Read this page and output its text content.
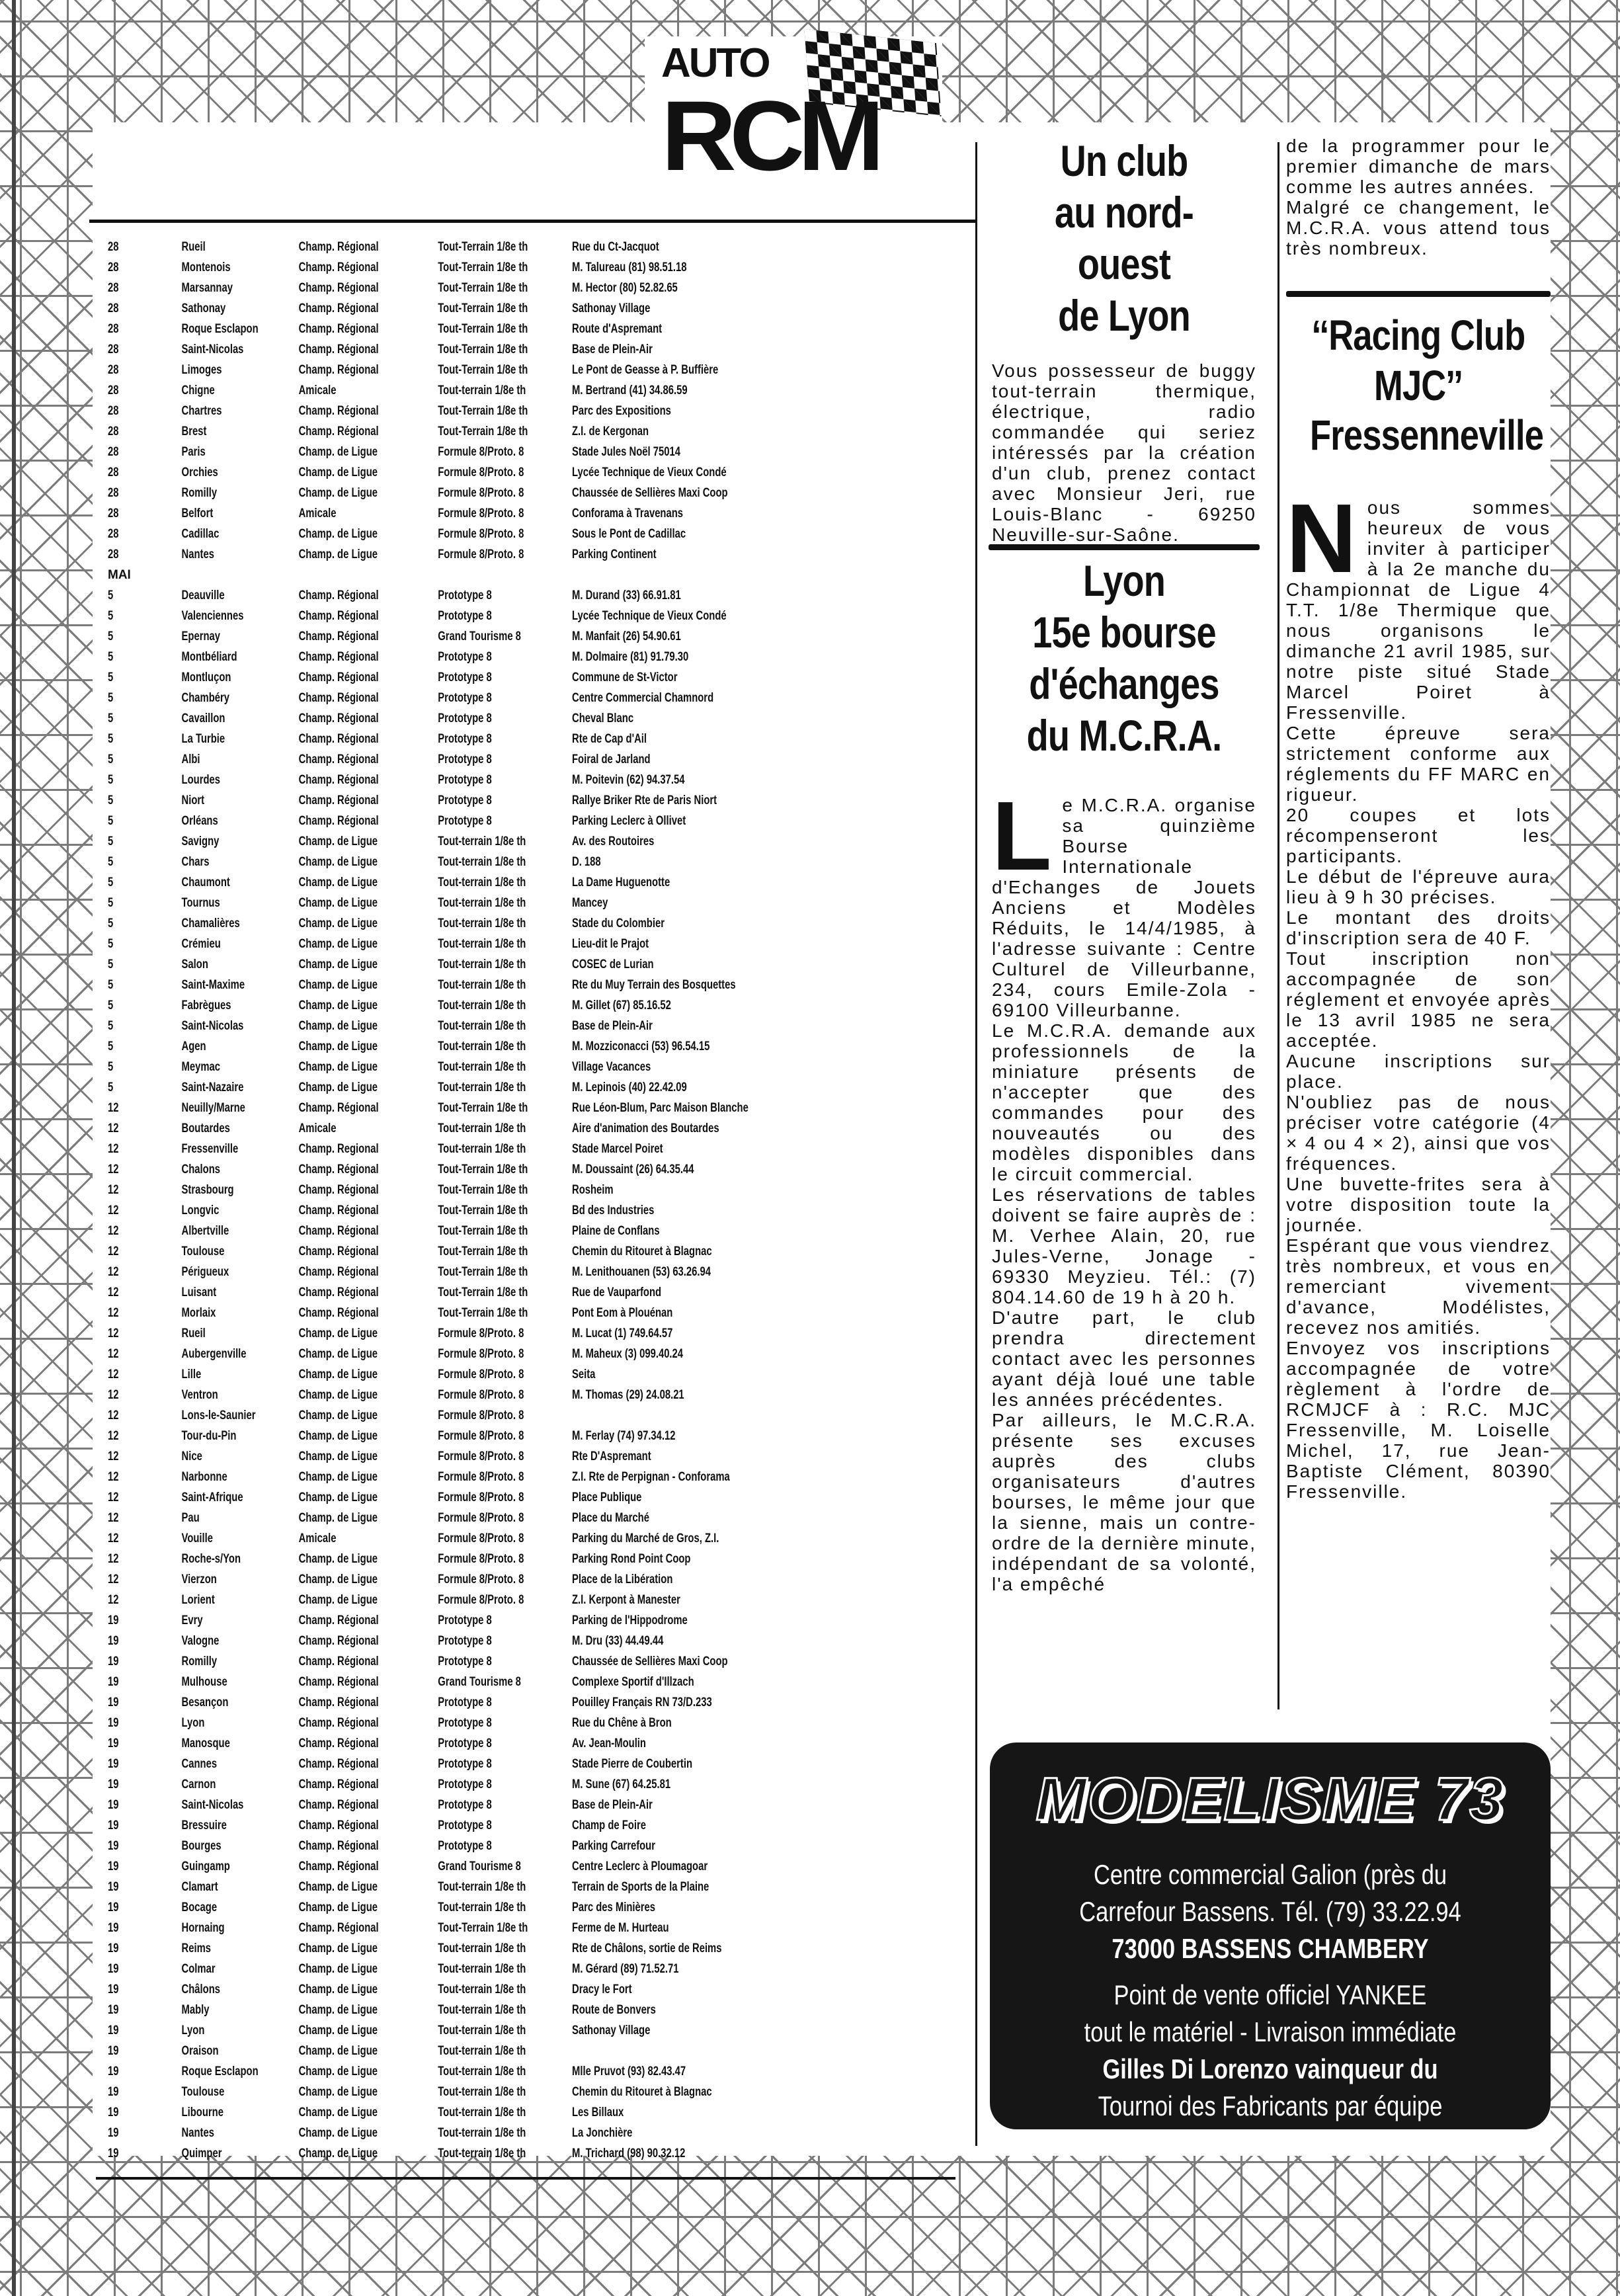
AUTO
RCM
28	Rueil	Champ. Régional	Tout-Terrain 1/8e th	Rue du Ct-Jacquot
28	Montenois	Champ. Régional	Tout-Terrain 1/8e th	M. Talureau (81) 98.51.18
28	Marsannay	Champ. Régional	Tout-Terrain 1/8e th	M. Hector (80) 52.82.65
28	Sathonay	Champ. Régional	Tout-Terrain 1/8e th	Sathonay Village
28	Roque Esclapon	Champ. Régional	Tout-Terrain 1/8e th	Route d'Aspremant
28	Saint-Nicolas	Champ. Régional	Tout-Terrain 1/8e th	Base de Plein-Air
28	Limoges	Champ. Régional	Tout-Terrain 1/8e th	Le Pont de Geasse à P. Buffière
28	Chigne	Amicale	Tout-terrain 1/8e th	M. Bertrand (41) 34.86.59
28	Chartres	Champ. Régional	Tout-Terrain 1/8e th	Parc des Expositions
28	Brest	Champ. Régional	Tout-Terrain 1/8e th	Z.I. de Kergonan
28	Paris	Champ. de Ligue	Formule 8/Proto. 8	Stade Jules Noël 75014
28	Orchies	Champ. de Ligue	Formule 8/Proto. 8	Lycée Technique de Vieux Condé
28	Romilly	Champ. de Ligue	Formule 8/Proto. 8	Chaussée de Sellières Maxi Coop
28	Belfort	Amicale	Formule 8/Proto. 8	Conforama à Travenans
28	Cadillac	Champ. de Ligue	Formule 8/Proto. 8	Sous le Pont de Cadillac
28	Nantes	Champ. de Ligue	Formule 8/Proto. 8	Parking Continent
MAI
5	Deauville	Champ. Régional	Prototype 8	M. Durand (33) 66.91.81
5	Valenciennes	Champ. Régional	Prototype 8	Lycée Technique de Vieux Condé
5	Epernay	Champ. Régional	Grand Tourisme 8	M. Manfait (26) 54.90.61
5	Montbéliard	Champ. Régional	Prototype 8	M. Dolmaire (81) 91.79.30
5	Montluçon	Champ. Régional	Prototype 8	Commune de St-Victor
5	Chambéry	Champ. Régional	Prototype 8	Centre Commercial Chamnord
5	Cavaillon	Champ. Régional	Prototype 8	Cheval Blanc
5	La Turbie	Champ. Régional	Prototype 8	Rte de Cap d'Ail
5	Albi	Champ. Régional	Prototype 8	Foiral de Jarland
5	Lourdes	Champ. Régional	Prototype 8	M. Poitevin (62) 94.37.54
5	Niort	Champ. Régional	Prototype 8	Rallye Briker Rte de Paris Niort
5	Orléans	Champ. Régional	Prototype 8	Parking Leclerc à Ollivet
5	Savigny	Champ. de Ligue	Tout-terrain 1/8e th	Av. des Routoires
5	Chars	Champ. de Ligue	Tout-terrain 1/8e th	D. 188
5	Chaumont	Champ. de Ligue	Tout-terrain 1/8e th	La Dame Huguenotte
5	Tournus	Champ. de Ligue	Tout-terrain 1/8e th	Mancey
5	Chamalières	Champ. de Ligue	Tout-terrain 1/8e th	Stade du Colombier
5	Crémieu	Champ. de Ligue	Tout-terrain 1/8e th	Lieu-dit le Prajot
5	Salon	Champ. de Ligue	Tout-terrain 1/8e th	COSEC de Lurian
5	Saint-Maxime	Champ. de Ligue	Tout-terrain 1/8e th	Rte du Muy Terrain des Bosquettes
5	Fabrègues	Champ. de Ligue	Tout-terrain 1/8e th	M. Gillet (67) 85.16.52
5	Saint-Nicolas	Champ. de Ligue	Tout-terrain 1/8e th	Base de Plein-Air
5	Agen	Champ. de Ligue	Tout-terrain 1/8e th	M. Mozziconacci (53) 96.54.15
5	Meymac	Champ. de Ligue	Tout-terrain 1/8e th	Village Vacances
5	Saint-Nazaire	Champ. de Ligue	Tout-terrain 1/8e th	M. Lepinois (40) 22.42.09
12	Neuilly/Marne	Champ. Régional	Tout-Terrain 1/8e th	Rue Léon-Blum, Parc Maison Blanche
12	Boutardes	Amicale	Tout-terrain 1/8e th	Aire d'animation des Boutardes
12	Fressenville	Champ. Regional	Tout-terrain 1/8e th	Stade Marcel Poiret
12	Chalons	Champ. Régional	Tout-Terrain 1/8e th	M. Doussaint (26) 64.35.44
12	Strasbourg	Champ. Régional	Tout-Terrain 1/8e th	Rosheim
12	Longvic	Champ. Régional	Tout-Terrain 1/8e th	Bd des Industries
12	Albertville	Champ. Régional	Tout-Terrain 1/8e th	Plaine de Conflans
12	Toulouse	Champ. Régional	Tout-Terrain 1/8e th	Chemin du Ritouret à Blagnac
12	Périgueux	Champ. Régional	Tout-Terrain 1/8e th	M. Lenithouanen (53) 63.26.94
12	Luisant	Champ. Régional	Tout-Terrain 1/8e th	Rue de Vauparfond
12	Morlaix	Champ. Régional	Tout-Terrain 1/8e th	Pont Eom à Plouénan
12	Rueil	Champ. de Ligue	Formule 8/Proto. 8	M. Lucat (1) 749.64.57
12	Aubergenville	Champ. de Ligue	Formule 8/Proto. 8	M. Maheux (3) 099.40.24
12	Lille	Champ. de Ligue	Formule 8/Proto. 8	Seita
12	Ventron	Champ. de Ligue	Formule 8/Proto. 8	M. Thomas (29) 24.08.21
12	Lons-le-Saunier	Champ. de Ligue	Formule 8/Proto. 8
12	Tour-du-Pin	Champ. de Ligue	Formule 8/Proto. 8	M. Ferlay (74) 97.34.12
12	Nice	Champ. de Ligue	Formule 8/Proto. 8	Rte D'Aspremant
12	Narbonne	Champ. de Ligue	Formule 8/Proto. 8	Z.I. Rte de Perpignan - Conforama
12	Saint-Afrique	Champ. de Ligue	Formule 8/Proto. 8	Place Publique
12	Pau	Champ. de Ligue	Formule 8/Proto. 8	Place du Marché
12	Vouille	Amicale	Formule 8/Proto. 8	Parking du Marché de Gros, Z.I.
12	Roche-s/Yon	Champ. de Ligue	Formule 8/Proto. 8	Parking Rond Point Coop
12	Vierzon	Champ. de Ligue	Formule 8/Proto. 8	Place de la Libération
12	Lorient	Champ. de Ligue	Formule 8/Proto. 8	Z.I. Kerpont à Manester
19	Evry	Champ. Régional	Prototype 8	Parking de l'Hippodrome
19	Valogne	Champ. Régional	Prototype 8	M. Dru (33) 44.49.44
19	Romilly	Champ. Régional	Prototype 8	Chaussée de Sellières Maxi Coop
19	Mulhouse	Champ. Régional	Grand Tourisme 8	Complexe Sportif d'Illzach
19	Besançon	Champ. Régional	Prototype 8	Pouilley Français RN 73/D.233
19	Lyon	Champ. Régional	Prototype 8	Rue du Chêne à Bron
19	Manosque	Champ. Régional	Prototype 8	Av. Jean-Moulin
19	Cannes	Champ. Régional	Prototype 8	Stade Pierre de Coubertin
19	Carnon	Champ. Régional	Prototype 8	M. Sune (67) 64.25.81
19	Saint-Nicolas	Champ. Régional	Prototype 8	Base de Plein-Air
19	Bressuire	Champ. Régional	Prototype 8	Champ de Foire
19	Bourges	Champ. Régional	Prototype 8	Parking Carrefour
19	Guingamp	Champ. Régional	Grand Tourisme 8	Centre Leclerc à Ploumagoar
19	Clamart	Champ. de Ligue	Tout-terrain 1/8e th	Terrain de Sports de la Plaine
19	Bocage	Champ. de Ligue	Tout-terrain 1/8e th	Parc des Minières
19	Hornaing	Champ. Régional	Tout-Terrain 1/8e th	Ferme de M. Hurteau
19	Reims	Champ. de Ligue	Tout-terrain 1/8e th	Rte de Châlons, sortie de Reims
19	Colmar	Champ. de Ligue	Tout-terrain 1/8e th	M. Gérard (89) 71.52.71
19	Châlons	Champ. de Ligue	Tout-terrain 1/8e th	Dracy le Fort
19	Mably	Champ. de Ligue	Tout-terrain 1/8e th	Route de Bonvers
19	Lyon	Champ. de Ligue	Tout-terrain 1/8e th	Sathonay Village
19	Oraison	Champ. de Ligue	Tout-terrain 1/8e th
19	Roque Esclapon	Champ. de Ligue	Tout-terrain 1/8e th	Mlle Pruvot (93) 82.43.47
19	Toulouse	Champ. de Ligue	Tout-terrain 1/8e th	Chemin du Ritouret à Blagnac
19	Libourne	Champ. de Ligue	Tout-terrain 1/8e th	Les Billaux
19	Nantes	Champ. de Ligue	Tout-terrain 1/8e th	La Jonchière
19	Quimper	Champ. de Ligue	Tout-terrain 1/8e th	M. Trichard (98) 90.32.12
Un club
au nord-ouest
de Lyon

Vous possesseur de buggy tout-terrain thermique, électrique, radio commandée qui seriez intéressés par la création d'un club, prenez contact avec Monsieur Jeri, rue Louis-Blanc - 69250 Neuville-sur-Saône.

Lyon
15e bourse
d'échanges
du M.C.R.A.

Le M.C.R.A. organise sa quinzième Bourse Internationale d'Echanges de Jouets Anciens et Modèles Réduits, le 14/4/1985, à l'adresse suivante : Centre Culturel de Villeurbanne, 234, cours Emile-Zola - 69100 Villeurbanne.

Le M.C.R.A. demande aux professionnels de la miniature présents de n'accepter que des commandes pour des nouveautés ou des modèles disponibles dans le circuit commercial.

Les réservations de tables doivent se faire auprès de : M. Verhee Alain, 20, rue Jules-Verne, Jonage - 69330 Meyzieu. Tél.: (7) 804.14.60 de 19 h à 20 h.

D'autre part, le club prendra directement contact avec les personnes ayant déjà loué une table les années précédentes.

Par ailleurs, le M.C.R.A. présente ses excuses auprès des clubs organisateurs d'autres bourses, le même jour que la sienne, mais un contre-ordre de la dernière minute, indépendant de sa volonté, l'a empêché

de la programmer pour le premier dimanche de mars comme les autres années.

Malgré ce changement, le M.C.R.A. vous attend tous très nombreux.

‘‘Racing Club
MJC’’
Fressenneville

Nous sommes heureux de vous inviter à participer à la 2e manche du Championnat de Ligue 4 T.T. 1/8e Thermique que nous organisons le dimanche 21 avril 1985, sur notre piste situé Stade Marcel Poiret à Fressenville.

Cette épreuve sera strictement conforme aux réglements du FF MARC en rigueur.

20 coupes et lots récompenseront les participants.

Le début de l'épreuve aura lieu à 9 h 30 précises.

Le montant des droits d'inscription sera de 40 F.

Tout inscription non accompagnée de son réglement et envoyée après le 13 avril 1985 ne sera acceptée.

Aucune inscriptions sur place.

N'oubliez pas de nous préciser votre catégorie (4 × 4 ou 4 × 2), ainsi que vos fréquences.

Une buvette-frites sera à votre disposition toute la journée.

Espérant que vous viendrez très nombreux, et vous en remerciant vivement d'avance, Modélistes, recevez nos amitiés.

Envoyez vos inscriptions accompagnée de votre règlement à l'ordre de RCMJCF à : R.C. MJC Fressenville, M. Loiselle Michel, 17, rue Jean-Baptiste Clément, 80390 Fressenville.

MODELISME 73
Centre commercial Galion (près du
Carrefour Bassens. Tél. (79) 33.22.94
73000 BASSENS CHAMBERY
Point de vente officiel YANKEE
tout le matériel - Livraison immédiate
Gilles Di Lorenzo vainqueur du
Tournoi des Fabricants par équipe
